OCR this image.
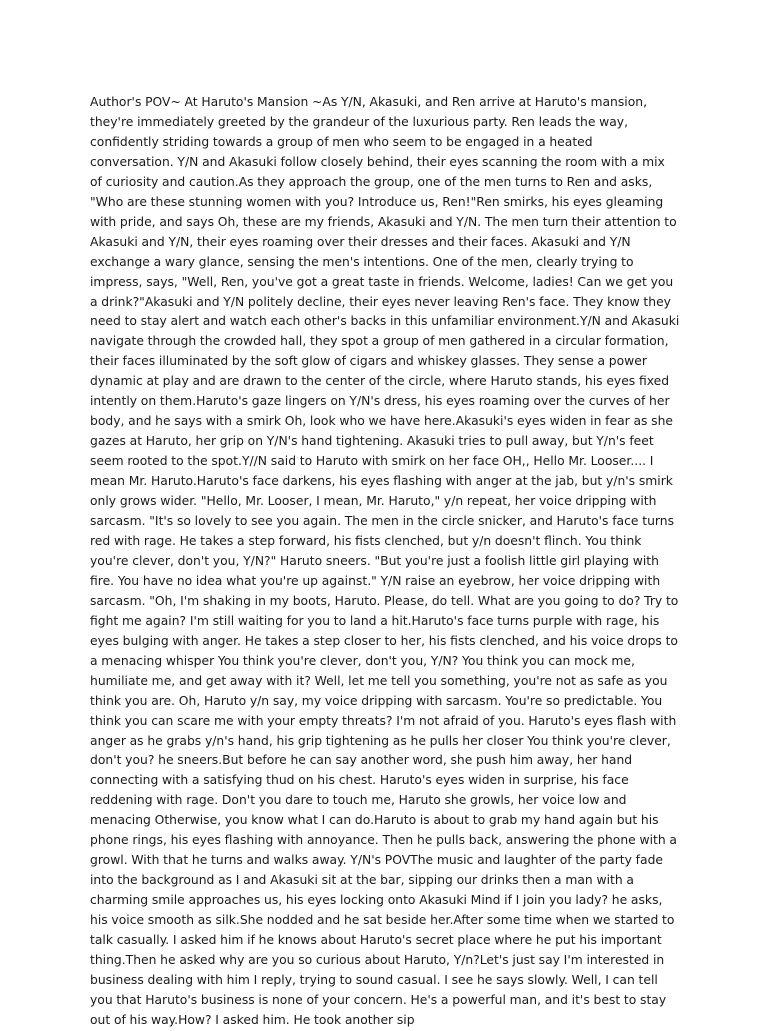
Author's POV~ At Haruto's Mansion ~As Y/N, Akasuki, and Ren arrive at Haruto's mansion, they're immediately greeted by the grandeur of the luxurious party. Ren leads the way, confidently striding towards a group of men who seem to be engaged in a heated conversation. Y/N and Akasuki follow closely behind, their eyes scanning the room with a mix of curiosity and caution.As they approach the group, one of the men turns to Ren and asks, "Who are these stunning women with you? Introduce us, Ren!"Ren smirks, his eyes gleaming with pride, and says Oh, these are my friends, Akasuki and Y/N. The men turn their attention to Akasuki and Y/N, their eyes roaming over their dresses and their faces. Akasuki and Y/N exchange a wary glance, sensing the men's intentions. One of the men, clearly trying to impress, says, "Well, Ren, you've got a great taste in friends. Welcome, ladies! Can we get you a drink?"Akasuki and Y/N politely decline, their eyes never leaving Ren's face. They know they need to stay alert and watch each other's backs in this unfamiliar environment.Y/N and Akasuki navigate through the crowded hall, they spot a group of men gathered in a circular formation, their faces illuminated by the soft glow of cigars and whiskey glasses. They sense a power dynamic at play and are drawn to the center of the circle, where Haruto stands, his eyes fixed intently on them.Haruto's gaze lingers on Y/N's dress, his eyes roaming over the curves of her body, and he says with a smirk Oh, look who we have here.Akasuki's eyes widen in fear as she gazes at Haruto, her grip on Y/N's hand tightening. Akasuki tries to pull away, but Y/n's feet seem rooted to the spot.Y//N said to Haruto with smirk on her face OH,, Hello Mr. Looser.... I mean Mr. Haruto.Haruto's face darkens, his eyes flashing with anger at the jab, but y/n's smirk only grows wider. "Hello, Mr. Looser, I mean, Mr. Haruto," y/n repeat, her voice dripping with sarcasm. "It's so lovely to see you again. The men in the circle snicker, and Haruto's face turns red with rage. He takes a step forward, his fists clenched, but y/n doesn't flinch. You think you're clever, don't you, Y/N?" Haruto sneers. "But you're just a foolish little girl playing with fire. You have no idea what you're up against." Y/N raise an eyebrow, her voice dripping with sarcasm. "Oh, I'm shaking in my boots, Haruto. Please, do tell. What are you going to do? Try to fight me again? I'm still waiting for you to land a hit.Haruto's face turns purple with rage, his eyes bulging with anger. He takes a step closer to her, his fists clenched, and his voice drops to a menacing whisper You think you're clever, don't you, Y/N? You think you can mock me, humiliate me, and get away with it? Well, let me tell you something, you're not as safe as you think you are. Oh, Haruto y/n say, my voice dripping with sarcasm. You're so predictable. You think you can scare me with your empty threats? I'm not afraid of you. Haruto's eyes flash with anger as he grabs y/n's hand, his grip tightening as he pulls her closer You think you're clever, don't you? he sneers.But before he can say another word, she push him away, her hand connecting with a satisfying thud on his chest. Haruto's eyes widen in surprise, his face reddening with rage. Don't you dare to touch me, Haruto she growls, her voice low and menacing Otherwise, you know what I can do.Haruto is about to grab my hand again but his phone rings, his eyes flashing with annoyance. Then he pulls back, answering the phone with a growl. With that he turns and walks away. Y/N's POVThe music and laughter of the party fade into the background as I and Akasuki sit at the bar, sipping our drinks then a man with a charming smile approaches us, his eyes locking onto Akasuki Mind if I join you lady? he asks, his voice smooth as silk.She nodded and he sat beside her.After some time when we started to talk casually. I asked him if he knows about Haruto's secret place where he put his important thing.Then he asked why are you so curious about Haruto, Y/n?Let's just say I'm interested in business dealing with him I reply, trying to sound casual. I see he says slowly. Well, I can tell you that Haruto's business is none of your concern. He's a powerful man, and it's best to stay out of his way.How? I asked him. He took another sip
